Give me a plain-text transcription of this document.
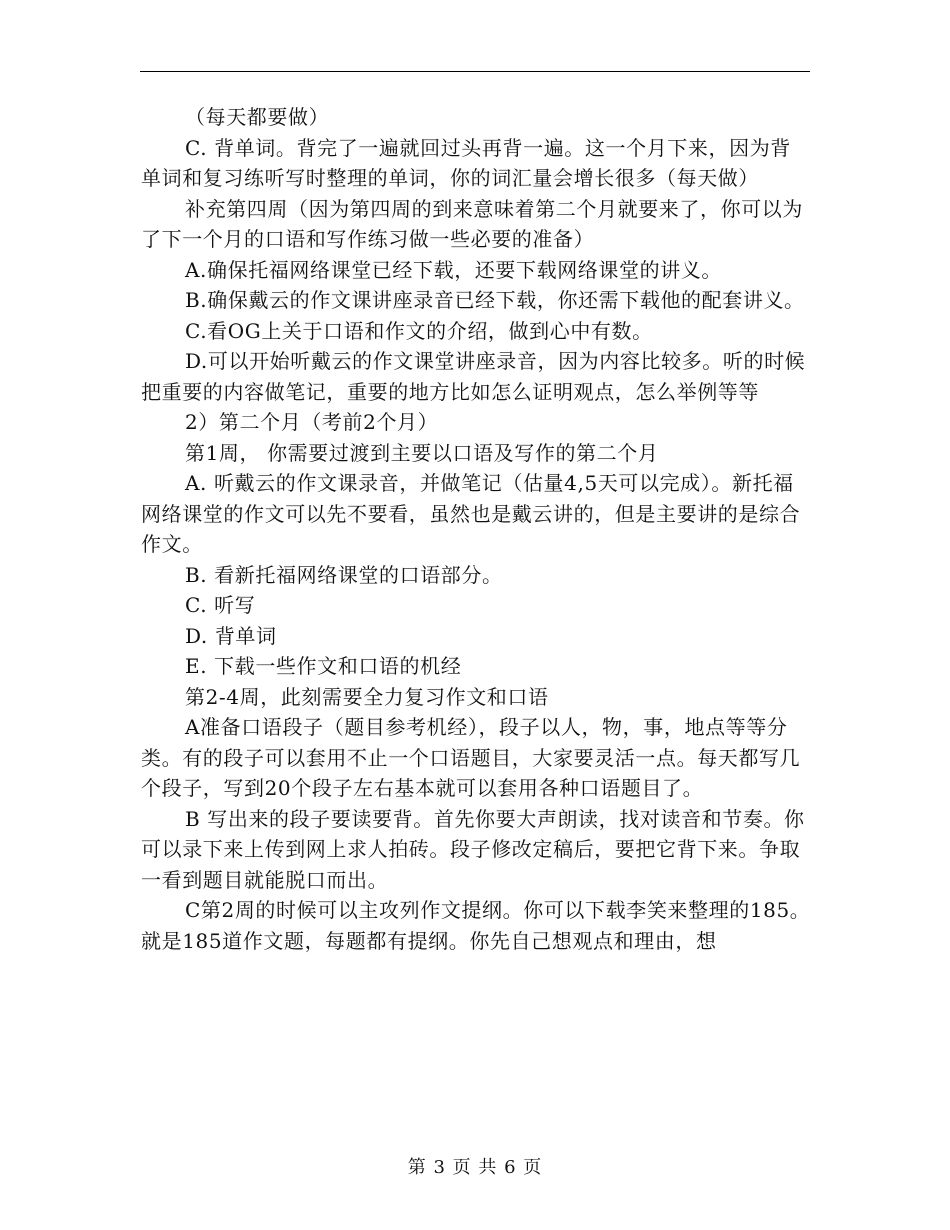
（每天都要做）

C. 背单词。背完了一遍就回过头再背一遍。这一个月下来，因为背单词和复习练听写时整理的单词，你的词汇量会增长很多（每天做）

补充第四周（因为第四周的到来意味着第二个月就要来了，你可以为了下一个月的口语和写作练习做一些必要的准备）

A.确保托福网络课堂已经下载，还要下载网络课堂的讲义。

B.确保戴云的作文课讲座录音已经下载，你还需下载他的配套讲义。

C.看OG上关于口语和作文的介绍，做到心中有数。

D.可以开始听戴云的作文课堂讲座录音，因为内容比较多。听的时候把重要的内容做笔记，重要的地方比如怎么证明观点，怎么举例等等

2）第二个月（考前2个月）

第1周， 你需要过渡到主要以口语及写作的第二个月

A. 听戴云的作文课录音，并做笔记（估量4,5天可以完成）。新托福网络课堂的作文可以先不要看，虽然也是戴云讲的，但是主要讲的是综合作文。

B. 看新托福网络课堂的口语部分。

C. 听写

D. 背单词

E. 下载一些作文和口语的机经

第2-4周，此刻需要全力复习作文和口语

A准备口语段子（题目参考机经），段子以人，物，事，地点等等分类。有的段子可以套用不止一个口语题目，大家要灵活一点。每天都写几个段子，写到20个段子左右基本就可以套用各种口语题目了。

B 写出来的段子要读要背。首先你要大声朗读，找对读音和节奏。你可以录下来上传到网上求人拍砖。段子修改定稿后，要把它背下来。争取一看到题目就能脱口而出。

C第2周的时候可以主攻列作文提纲。你可以下载李笑来整理的185。就是185道作文题，每题都有提纲。你先自己想观点和理由，想

第 3 页 共 6 页
